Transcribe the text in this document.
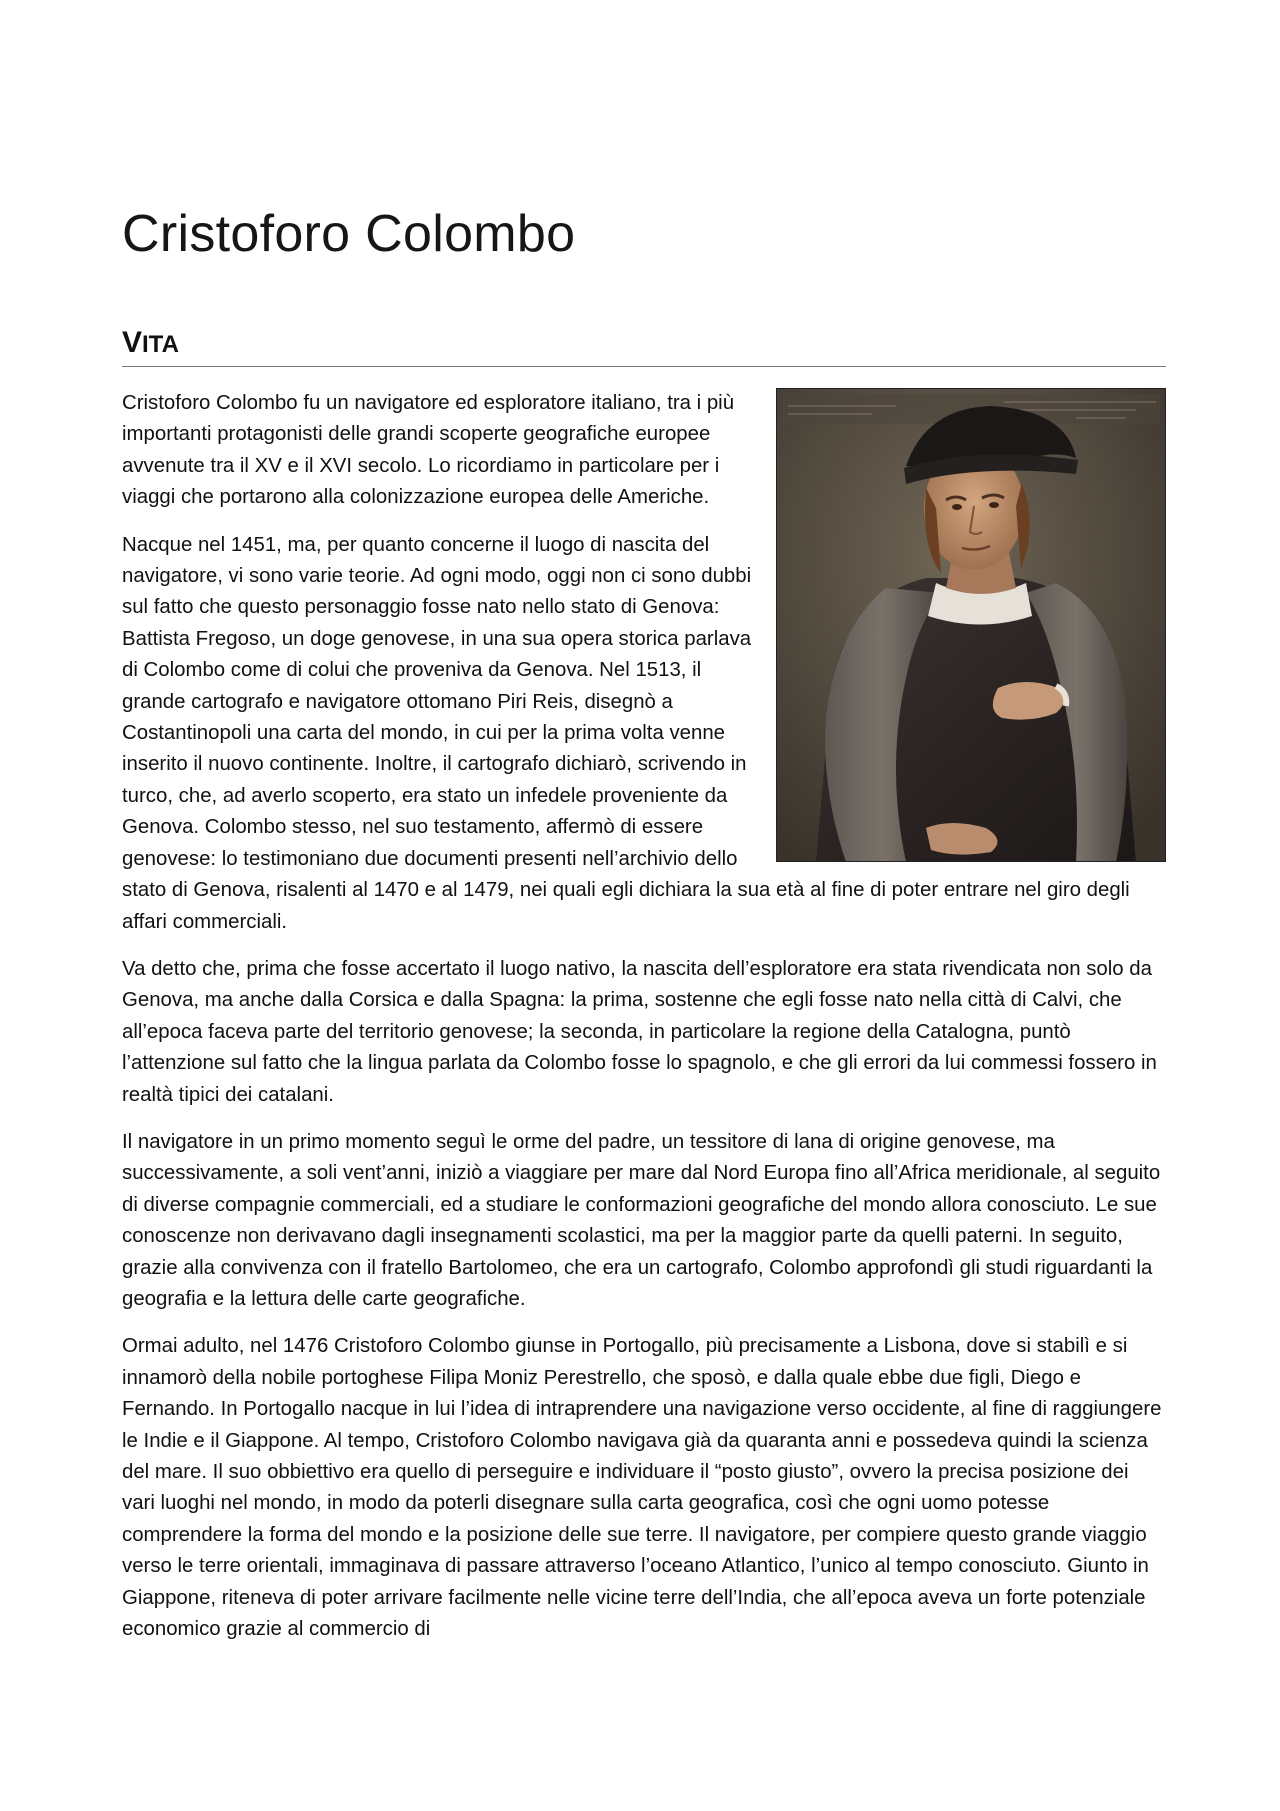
Cristoforo Colombo
VITA

Cristoforo Colombo fu un navigatore ed esploratore italiano, tra i più importanti protagonisti delle grandi scoperte geografiche europee avvenute tra il XV e il XVI secolo. Lo ricordiamo in particolare per i viaggi che portarono alla colonizzazione europea delle Americhe.

Nacque nel 1451, ma, per quanto concerne il luogo di nascita del navigatore, vi sono varie teorie. Ad ogni modo, oggi non ci sono dubbi sul fatto che questo personaggio fosse nato nello stato di Genova: Battista Fregoso, un doge genovese, in una sua opera storica parlava di Colombo come di colui che proveniva da Genova. Nel 1513, il grande cartografo e navigatore ottomano Piri Reis, disegnò a Costantinopoli una carta del mondo, in cui per la prima volta venne inserito il nuovo continente. Inoltre, il cartografo dichiarò, scrivendo in turco, che, ad averlo scoperto, era stato un infedele proveniente da Genova. Colombo stesso, nel suo testamento, affermò di essere genovese: lo testimoniano due documenti presenti nell’archivio dello stato di Genova, risalenti al 1470 e al 1479, nei quali egli dichiara la sua età al fine di poter entrare nel giro degli affari commerciali.

Va detto che, prima che fosse accertato il luogo nativo, la nascita dell’esploratore era stata rivendicata non solo da Genova, ma anche dalla Corsica e dalla Spagna: la prima, sostenne che egli fosse nato nella città di Calvi, che all’epoca faceva parte del territorio genovese; la seconda, in particolare la regione della Catalogna, puntò l’attenzione sul fatto che la lingua parlata da Colombo fosse lo spagnolo, e che gli errori da lui commessi fossero in realtà tipici dei catalani.

Il navigatore in un primo momento seguì le orme del padre, un tessitore di lana di origine genovese, ma successivamente, a soli vent’anni, iniziò a viaggiare per mare dal Nord Europa fino all’Africa meridionale, al seguito di diverse compagnie commerciali, ed a studiare le conformazioni geografiche del mondo allora conosciuto. Le sue conoscenze non derivavano dagli insegnamenti scolastici, ma per la maggior parte da quelli paterni. In seguito, grazie alla convivenza con il fratello Bartolomeo, che era un cartografo, Colombo approfondì gli studi riguardanti la geografia e la lettura delle carte geografiche.

Ormai adulto, nel 1476 Cristoforo Colombo giunse in Portogallo, più precisamente a Lisbona, dove si stabilì e si innamorò della nobile portoghese Filipa Moniz Perestrello, che sposò, e dalla quale ebbe due figli, Diego e Fernando. In Portogallo nacque in lui l’idea di intraprendere una navigazione verso occidente, al fine di raggiungere le Indie e il Giappone. Al tempo, Cristoforo Colombo navigava già da quaranta anni e possedeva quindi la scienza del mare. Il suo obbiettivo era quello di perseguire e individuare il “posto giusto”, ovvero la precisa posizione dei vari luoghi nel mondo, in modo da poterli disegnare sulla carta geografica, così che ogni uomo potesse comprendere la forma del mondo e la posizione delle sue terre. Il navigatore, per compiere questo grande viaggio verso le terre orientali, immaginava di passare attraverso l’oceano Atlantico, l’unico al tempo conosciuto. Giunto in Giappone, riteneva di poter arrivare facilmente nelle vicine terre dell’India, che all’epoca aveva un forte potenziale economico grazie al commercio di
